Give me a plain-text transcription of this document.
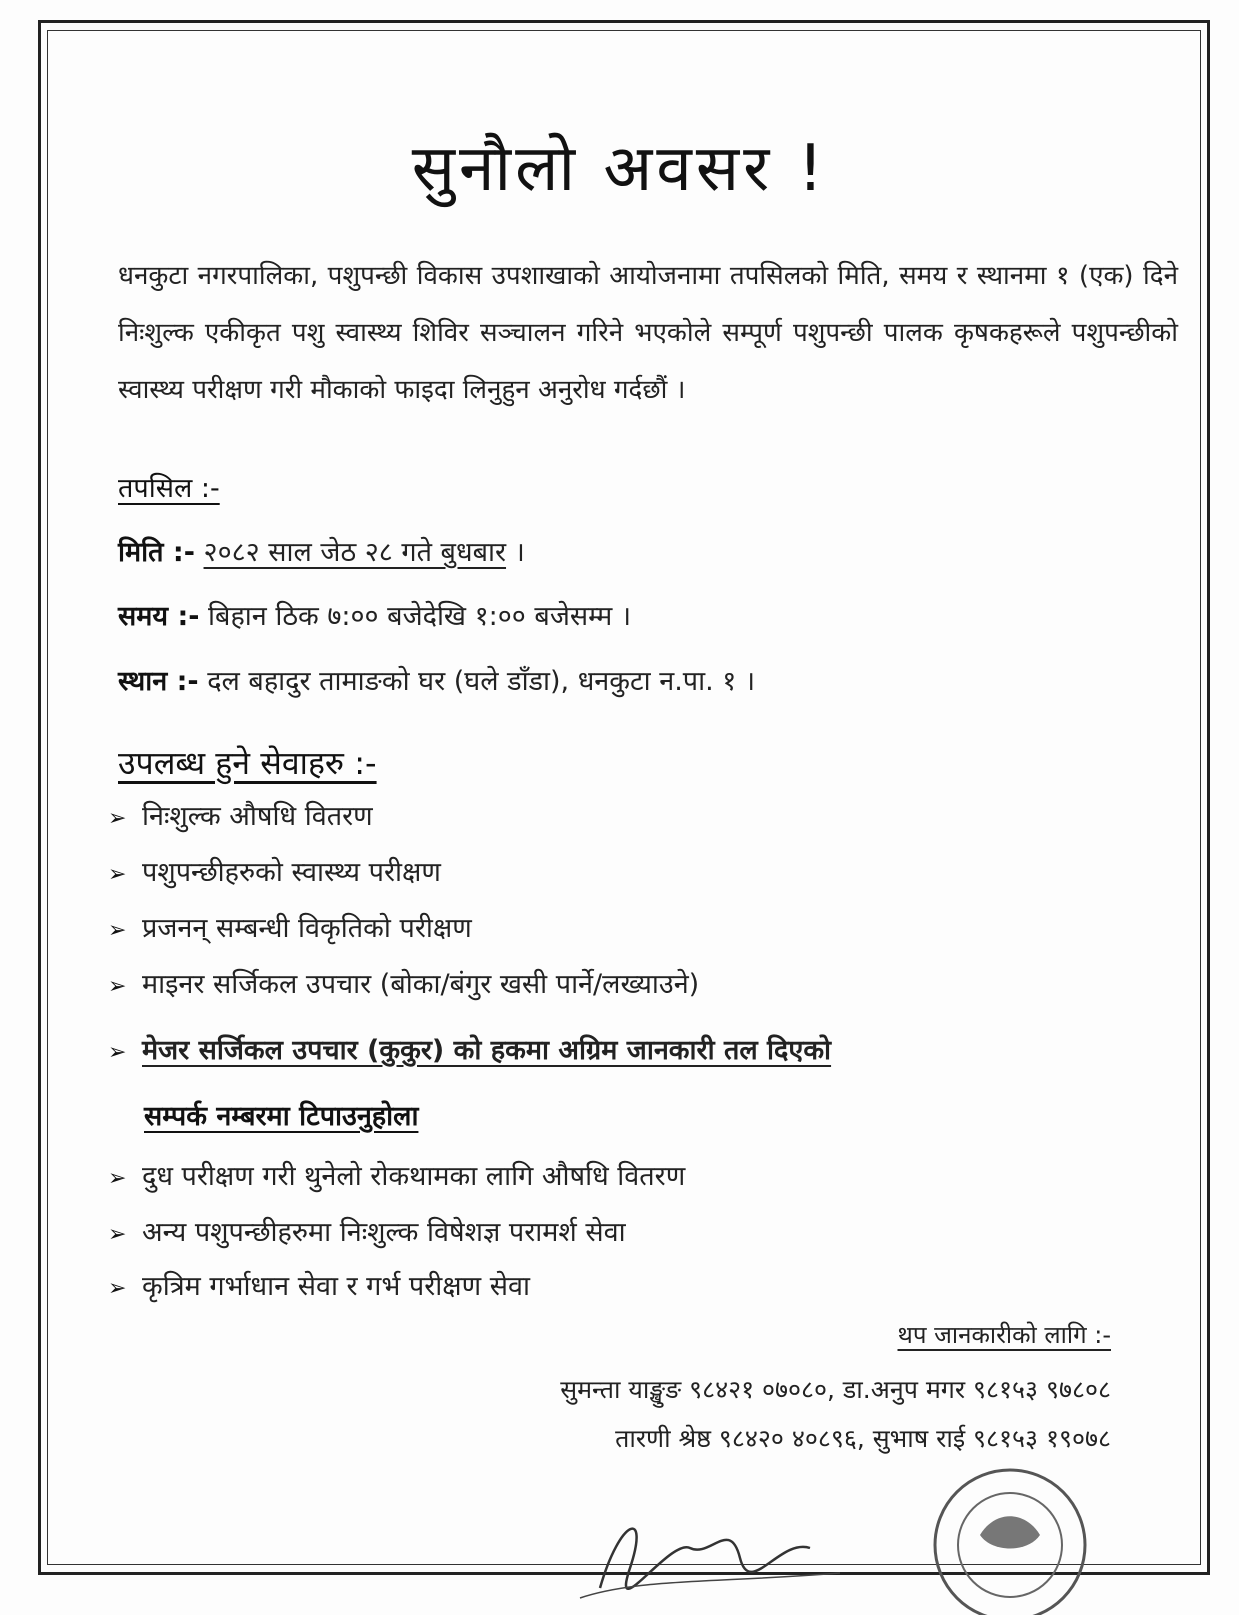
सुनौलो अवसर !
धनकुटा नगरपालिका, पशुपन्छी विकास उपशाखाको आयोजनामा तपसिलको मिति, समय र स्थानमा १ (एक) दिने निःशुल्क एकीकृत पशु स्वास्थ्य शिविर सञ्चालन गरिने भएकोले सम्पूर्ण पशुपन्छी पालक कृषकहरूले पशुपन्छीको स्वास्थ्य परीक्षण गरी मौकाको फाइदा लिनुहुन अनुरोध गर्दछौं ।
तपसिल :-
मिति :- २०८२ साल जेठ २८ गते बुधबार ।
समय :- बिहान ठिक ७:०० बजेदेखि १:०० बजेसम्म ।
स्थान :- दल बहादुर तामाङको घर (घले डाँडा), धनकुटा न.पा. १ ।
उपलब्ध हुने सेवाहरु :-
➢ निःशुल्क औषधि वितरण
➢ पशुपन्छीहरुको स्वास्थ्य परीक्षण
➢ प्रजनन् सम्बन्धी विकृतिको परीक्षण
➢ माइनर सर्जिकल उपचार (बोका/बंगुर खसी पार्ने/लख्याउने)
➢ मेजर सर्जिकल उपचार (कुकुर) को हकमा अग्रिम जानकारी तल दिएको
सम्पर्क नम्बरमा टिपाउनुहोला
➢ दुध परीक्षण गरी थुनेलो रोकथामका लागि औषधि वितरण
➢ अन्य पशुपन्छीहरुमा निःशुल्क विषेशज्ञ परामर्श सेवा
➢ कृत्रिम गर्भाधान सेवा र गर्भ परीक्षण सेवा
थप जानकारीको लागि :-
सुमन्ता याङ्खुङ ९८४२१ ०७०८०, डा.अनुप मगर ९८१५३ ९७८०८
तारणी श्रेष्ठ ९८४२० ४०८९६, सुभाष राई ९८१५३ १९०७८
